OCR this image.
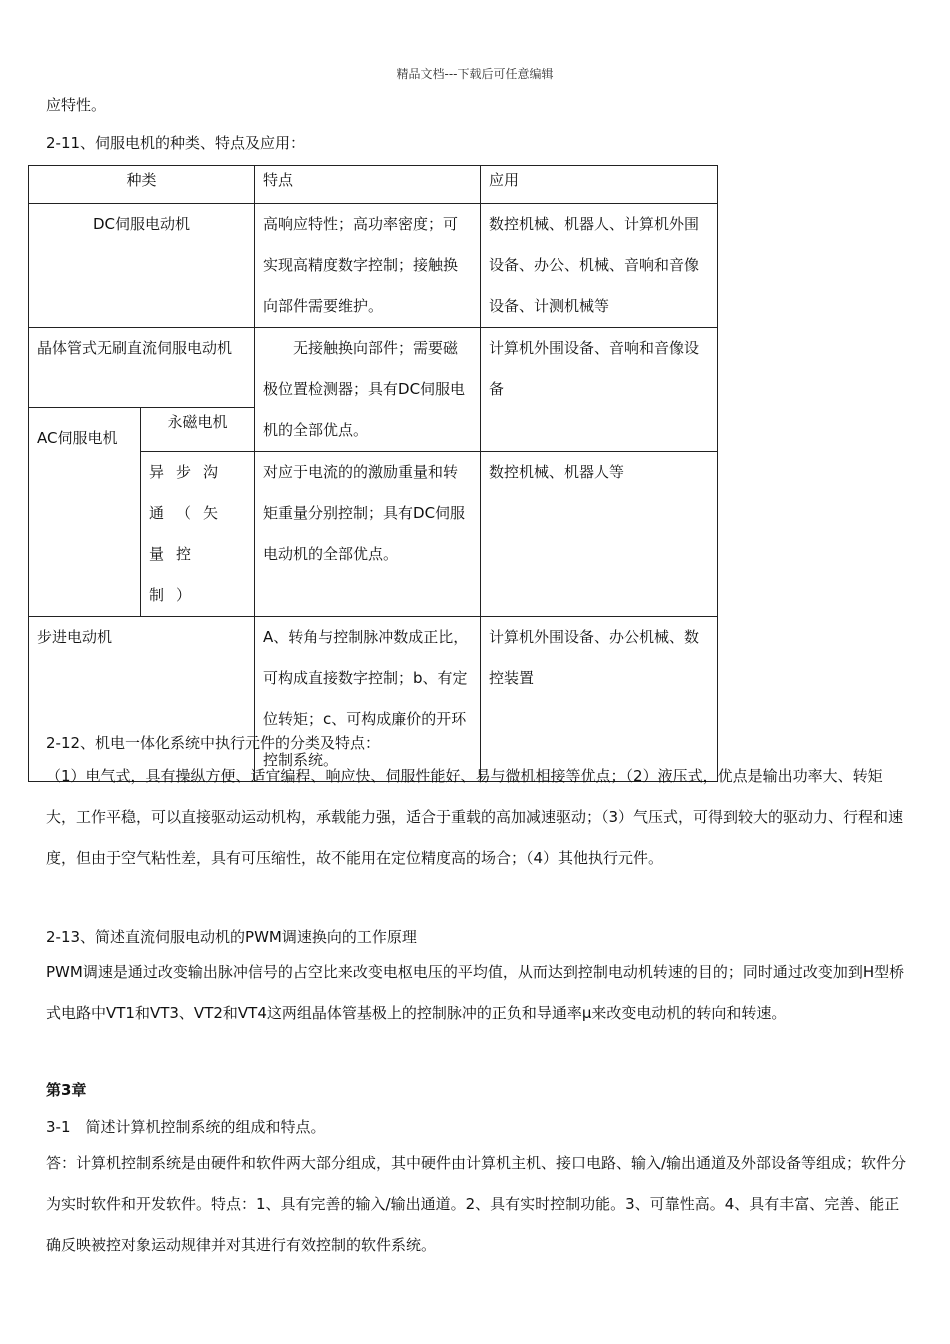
精品文档---下载后可任意编辑
应特性。
2-11、伺服电机的种类、特点及应用：
种类		特点	应用
DC伺服电动机		高响应特性；高功率密度；可实现高精度数字控制；接触换向部件需要维护。	数控机械、机器人、计算机外围设备、办公、机械、音响和音像设备、计测机械等
晶体管式无刷直流伺服电动机		无接触换向部件；需要磁极位置检测器；具有DC伺服电机的全部优点。	计算机外围设备、音响和音像设备
AC伺服电机	永磁电机		
	异步沟通（矢量控制）	对应于电流的的激励重量和转矩重量分别控制；具有DC伺服电动机的全部优点。	数控机械、机器人等
步进电动机		A、转角与控制脉冲数成正比，可构成直接数字控制；b、有定位转矩；c、可构成廉价的开环控制系统。	计算机外围设备、办公机械、数控装置
2-12、机电一体化系统中执行元件的分类及特点：
（1）电气式，具有操纵方便、适宜编程、响应快、伺服性能好、易与微机相接等优点；（2）液压式，优点是输出功率大、转矩大，工作平稳，可以直接驱动运动机构，承载能力强，适合于重载的高加减速驱动；（3）气压式，可得到较大的驱动力、行程和速度，但由于空气粘性差，具有可压缩性，故不能用在定位精度高的场合；（4）其他执行元件。
2-13、简述直流伺服电动机的PWM调速换向的工作原理
PWM调速是通过改变输出脉冲信号的占空比来改变电枢电压的平均值，从而达到控制电动机转速的目的；同时通过改变加到H型桥式电路中VT1和VT3、VT2和VT4这两组晶体管基极上的控制脉冲的正负和导通率μ来改变电动机的转向和转速。
第3章
3-1　简述计算机控制系统的组成和特点。
答：计算机控制系统是由硬件和软件两大部分组成，其中硬件由计算机主机、接口电路、输入/输出通道及外部设备等组成；软件分为实时软件和开发软件。特点：1、具有完善的输入/输出通道。2、具有实时控制功能。3、可靠性高。4、具有丰富、完善、能正确反映被控对象运动规律并对其进行有效控制的软件系统。
